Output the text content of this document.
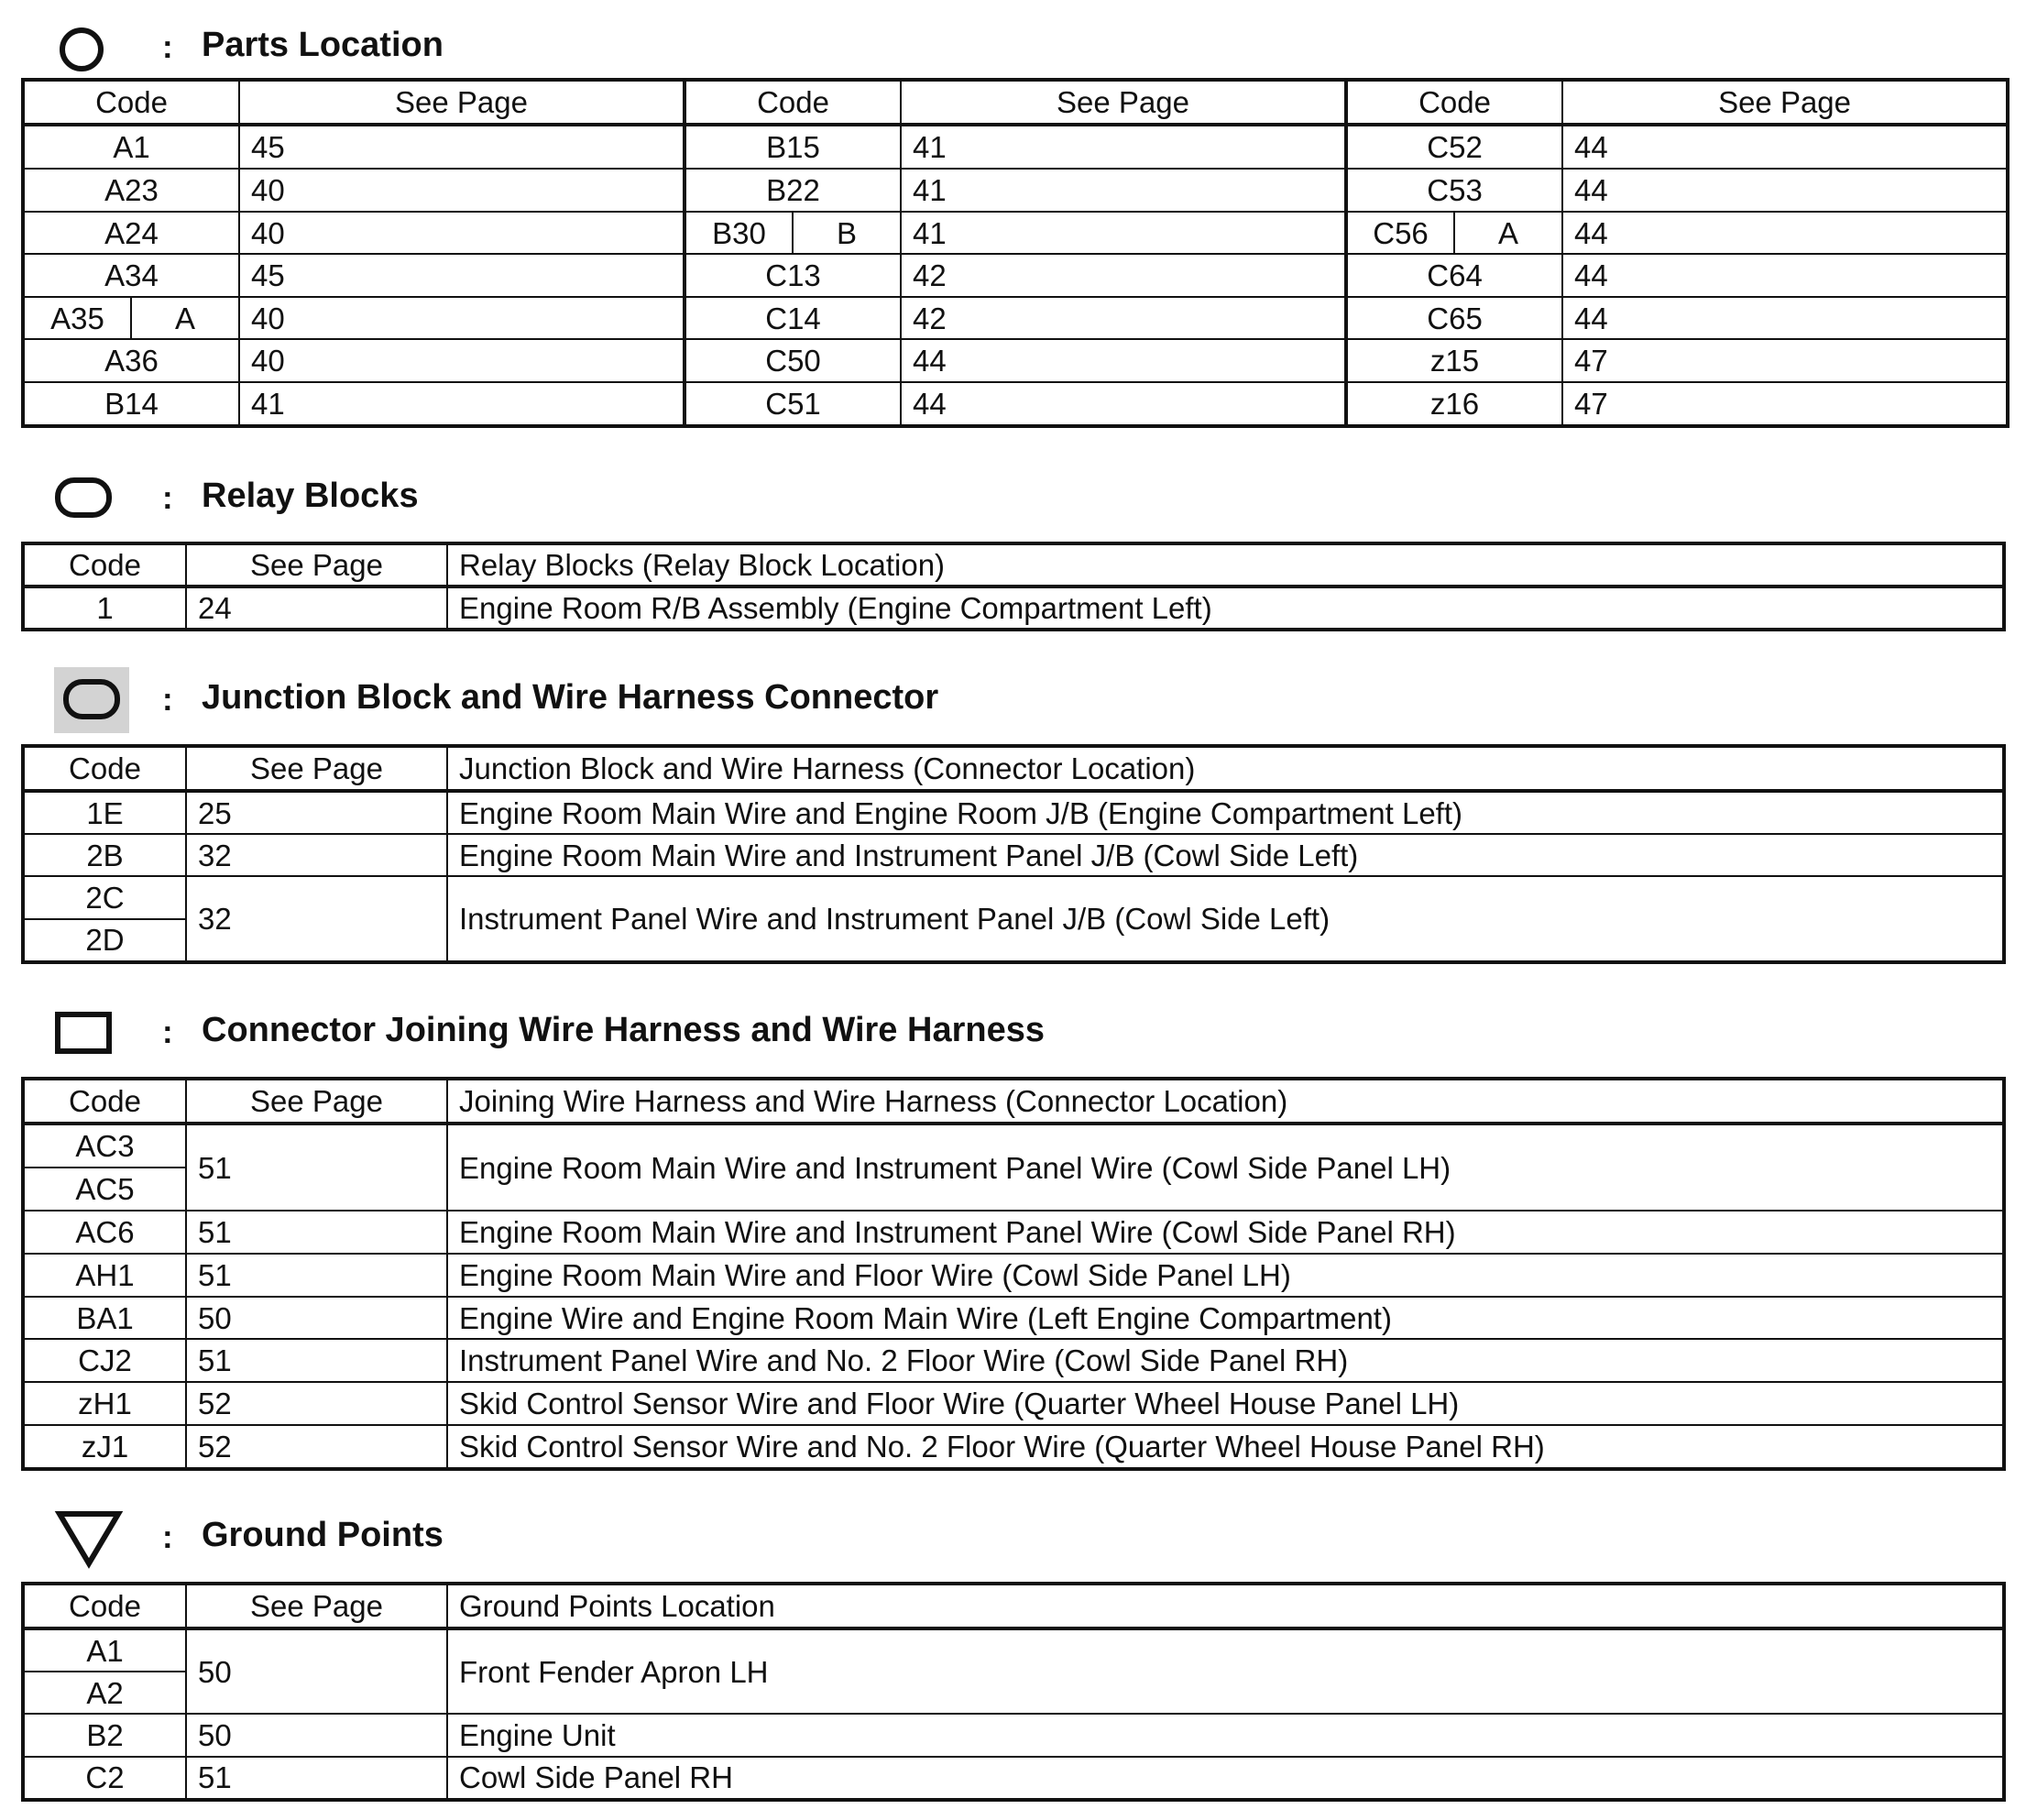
: Parts Location
Code		See Page	Code		See Page	Code		See Page
A1		45	B15		41	C52		44
A23		40	B22		41	C53		44
A24		40	B30	B	41	C56	A	44
A34		45	C13		42	C64		44
A35	A	40	C14		42	C65		44
A36		40	C50		44	z15		47
B14		41	C51		44	z16		47
: Relay Blocks
Code	See Page	Relay Blocks (Relay Block Location)
1	24	Engine Room R/B Assembly (Engine Compartment Left)
: Junction Block and Wire Harness Connector
Code	See Page	Junction Block and Wire Harness (Connector Location)
1E	25	Engine Room Main Wire and Engine Room J/B (Engine Compartment Left)
2B	32	Engine Room Main Wire and Instrument Panel J/B (Cowl Side Left)
2C	32	Instrument Panel Wire and Instrument Panel J/B (Cowl Side Left)
2D		
: Connector Joining Wire Harness and Wire Harness
Code	See Page	Joining Wire Harness and Wire Harness (Connector Location)
AC3	51	Engine Room Main Wire and Instrument Panel Wire (Cowl Side Panel LH)
AC5		
AC6	51	Engine Room Main Wire and Instrument Panel Wire (Cowl Side Panel RH)
AH1	51	Engine Room Main Wire and Floor Wire (Cowl Side Panel LH)
BA1	50	Engine Wire and Engine Room Main Wire (Left Engine Compartment)
CJ2	51	Instrument Panel Wire and No. 2 Floor Wire (Cowl Side Panel RH)
zH1	52	Skid Control Sensor Wire and Floor Wire (Quarter Wheel House Panel LH)
zJ1	52	Skid Control Sensor Wire and No. 2 Floor Wire (Quarter Wheel House Panel RH)
: Ground Points
Code	See Page	Ground Points Location
A1	50	Front Fender Apron LH
A2		
B2	50	Engine Unit
C2	51	Cowl Side Panel RH
